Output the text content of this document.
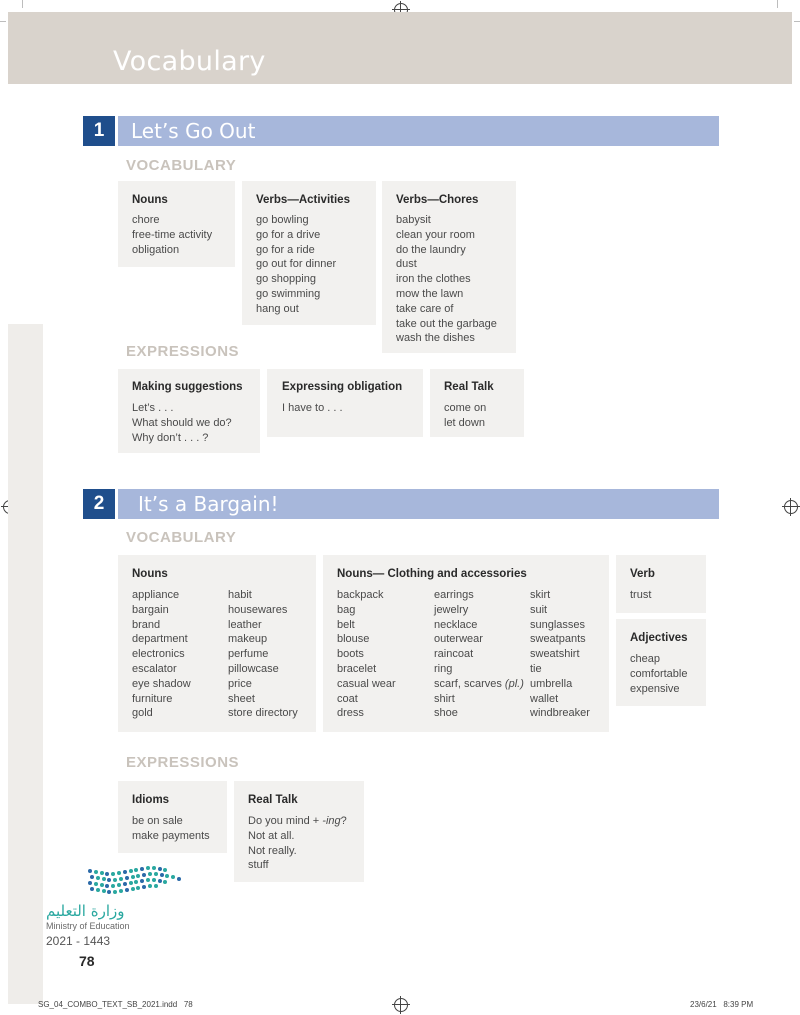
Vocabulary
1	Let’s Go Out
VOCABULARY
Nouns
chore
free-time activity
obligation
Verbs—Activities
go bowling
go for a drive
go for a ride
go out for dinner
go shopping
go swimming
hang out
Verbs—Chores
babysit
clean your room
do the laundry
dust
iron the clothes
mow the lawn
take care of
take out the garbage
wash the dishes
EXPRESSIONS
Making suggestions
Let’s . . .
What should we do?
Why don’t . . . ?
Expressing obligation
I have to . . .
Real Talk
come on
let down
2	It’s a Bargain!
VOCABULARY
Nouns
appliance
bargain
brand
department
electronics
escalator
eye shadow
furniture
gold
habit
housewares
leather
makeup
perfume
pillowcase
price
sheet
store directory
Nouns— Clothing and accessories
backpack
bag
belt
blouse
boots
bracelet
casual wear
coat
dress
earrings
jewelry
necklace
outerwear
raincoat
ring
scarf, scarves (pl.)
shirt
shoe
skirt
suit
sunglasses
sweatpants
sweatshirt
tie
umbrella
wallet
windbreaker
Verb
trust
Adjectives
cheap
comfortable
expensive
EXPRESSIONS
Idioms
be on sale
make payments
Real Talk
Do you mind + -ing?
Not at all.
Not really.
stuff
وزارة التعليم
Ministry of Education
2021 - 1443
78
SG_04_COMBO_TEXT_SB_2021.indd   78	23/6/21   8:39 PM
